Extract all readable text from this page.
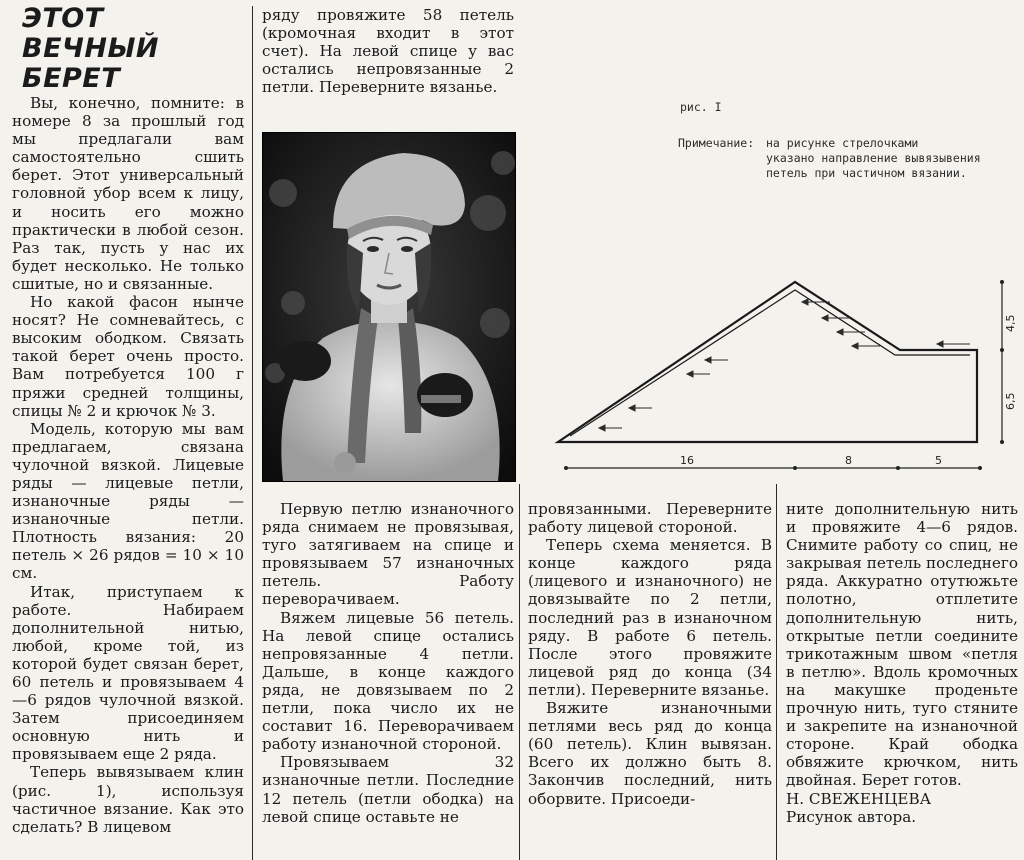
ЭТОТ ВЕЧНЫЙ
БЕРЕТ

Вы, конечно, помните: в номере 8 за прошлый год мы предлагали вам самостоятельно сшить берет. Этот универсальный головной убор всем к лицу, и носить его можно практически в любой сезон. Раз так, пусть у нас их будет несколько. Не только сшитые, но и связанные.

Но какой фасон нынче носят? Не сомневайтесь, с высоким ободком. Связать такой берет очень просто. Вам потребуется 100 г пряжи средней толщины, спицы № 2 и крючок № 3.

Модель, которую мы вам предлагаем, связана чулочной вязкой. Лицевые ряды — лицевые петли, изнаночные ряды — изнаночные петли. Плотность вязания: 20 петель × 26 рядов = 10 × 10 см.

Итак, приступаем к работе. Набираем дополнительной нитью, любой, кроме той, из которой будет связан берет, 60 петель и провязываем 4—6 рядов чулочной вязкой. Затем присоединяем основную нить и провязываем еще 2 ряда.

Теперь вывязываем клин (рис. 1), используя частичное вязание. Как это сделать? В лицевом

ряду провяжите 58 петель (кромочная входит в этот счет). На левой спице у вас остались непровязанные 2 петли. Переверните вязанье.

Первую петлю изнаночного ряда снимаем не провязывая, туго затягиваем на спице и провязываем 57 изнаночных петель. Работу переворачиваем.

Вяжем лицевые 56 петель. На левой спице остались непровязанные 4 петли. Дальше, в конце каждого ряда, не довязываем по 2 петли, пока число их не составит 16. Переворачиваем работу изнаночной стороной.

Провязываем 32 изнаночные петли. Последние 12 петель (петли ободка) на левой спице оставьте не

провязанными. Переверните работу лицевой стороной.

Теперь схема меняется. В конце каждого ряда (лицевого и изнаночного) не довязывайте по 2 петли, последний раз в изнаночном ряду. В работе 6 петель. После этого провяжите лицевой ряд до конца (34 петли). Переверните вязанье.

Вяжите изнаночными петлями весь ряд до конца (60 петель). Клин вывязан. Всего их должно быть 8. Закончив последний, нить оборвите. Присоеди-

ните дополнительную нить и провяжите 4—6 рядов. Снимите работу со спиц, не закрывая петель последнего ряда. Аккуратно отутюжьте полотно, отплетите дополнительную нить, открытые петли соедините трикотажным швом «петля в петлю». Вдоль кромочных на макушке проденьте прочную нить, туго стяните и закрепите на изнаночной стороне. Край ободка обвяжите крючком, нить двойная. Берет готов.

Н. СВЕЖЕНЦЕВА
Рисунок автора.
рис. I
Примечание: на рисунке стрелочками
указано направление вывязывения
петель при частичном вязании.
16	8	5
4,5
6,5
